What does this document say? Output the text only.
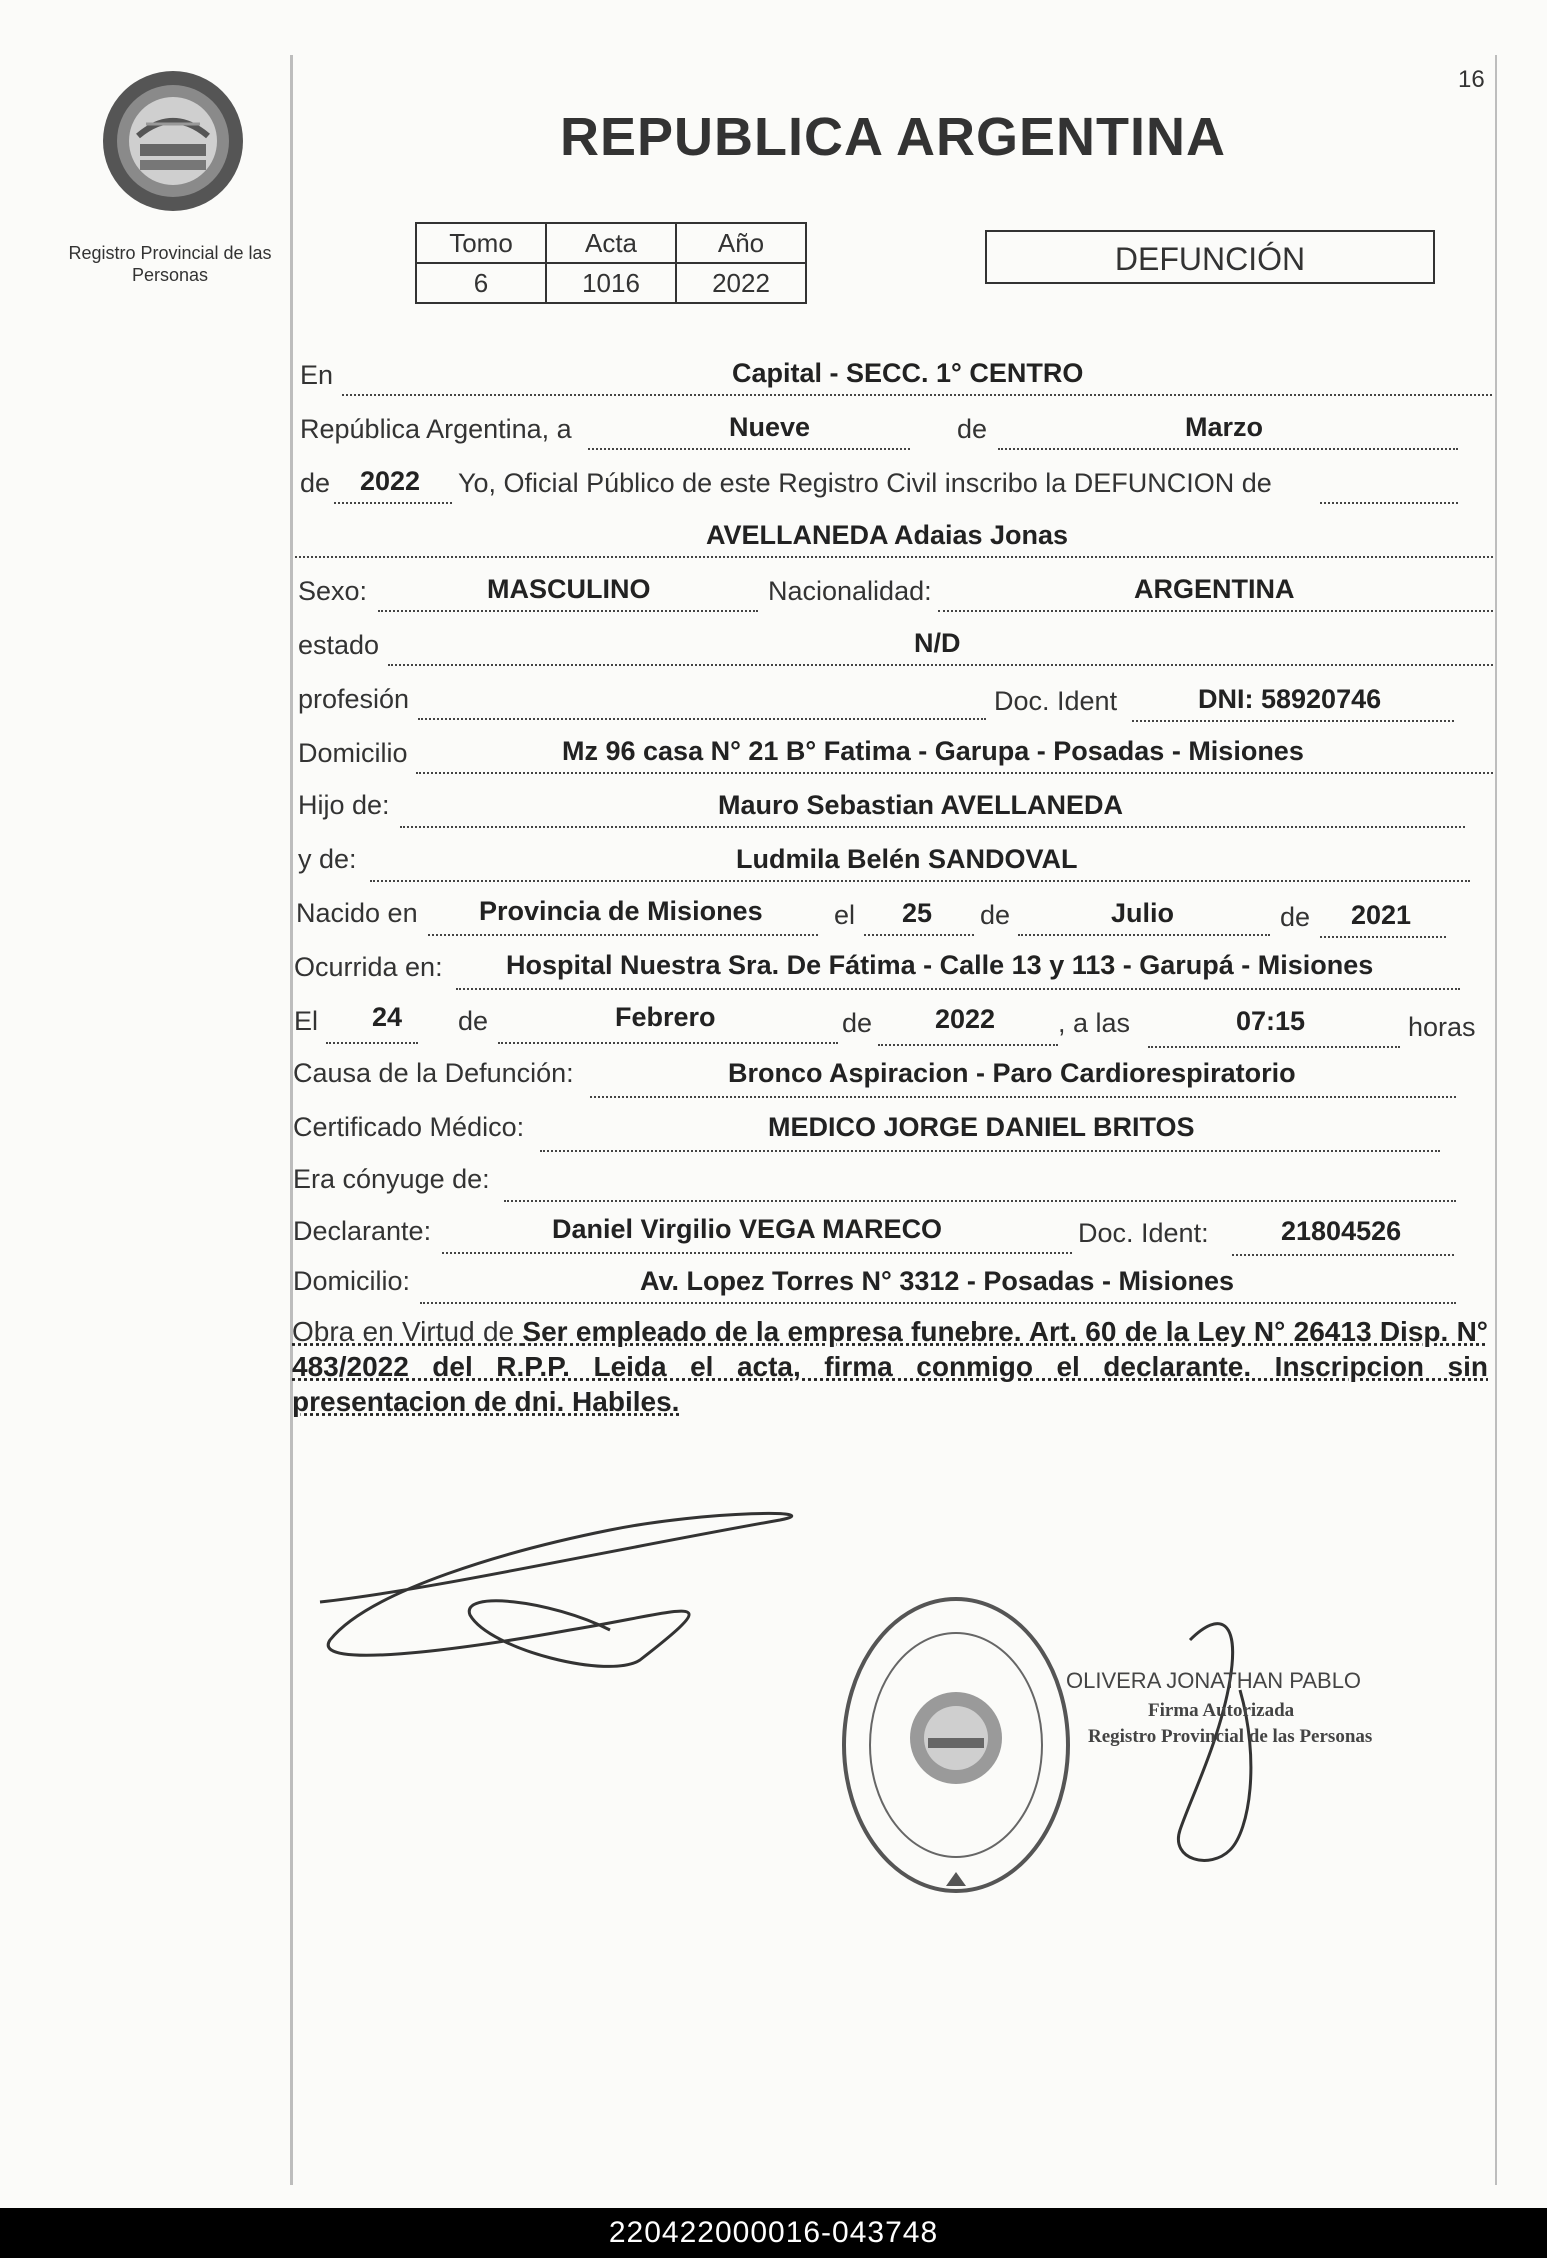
Registro Provincial de las Personas
16
REPUBLICA ARGENTINA
Tomo	Acta	Año
6	1016	2022
DEFUNCIÓN
En	Capital - SECC. 1° CENTRO
República Argentina, a	Nueve	de	Marzo
de 2022 Yo, Oficial Público de este Registro Civil inscribo la DEFUNCION de
AVELLANEDA Adaias Jonas
Sexo:	MASCULINO	Nacionalidad:	ARGENTINA
estado	N/D
profesión	Doc. Ident	DNI: 58920746
Domicilio	Mz 96 casa N° 21 B° Fatima - Garupa - Posadas - Misiones
Hijo de:	Mauro Sebastian AVELLANEDA
y de:	Ludmila Belén SANDOVAL
Nacido en Provincia de Misiones	el 25 de	Julio	de 2021
Ocurrida en: Hospital Nuestra Sra. De Fátima - Calle 13 y 113 - Garupá - Misiones
El 24 de	Febrero	de 2022 , a las	07:15	horas
Causa de la Defunción:	Bronco Aspiracion - Paro Cardiorespiratorio
Certificado Médico:	MEDICO JORGE DANIEL BRITOS
Era cónyuge de:
Declarante:	Daniel Virgilio VEGA MARECO	Doc. Ident:	21804526
Domicilio:	Av. Lopez Torres N° 3312 - Posadas - Misiones
Obra en Virtud de Ser empleado de la empresa funebre. Art. 60 de la Ley N° 26413 Disp. N° 483/2022 del R.P.P. Leida el acta, firma conmigo el declarante. Inscripcion sin presentacion de dni. Habiles.
OLIVERA JONATHAN PABLO
Firma Autorizada
Registro Provincial de las Personas
220422000016-043748
